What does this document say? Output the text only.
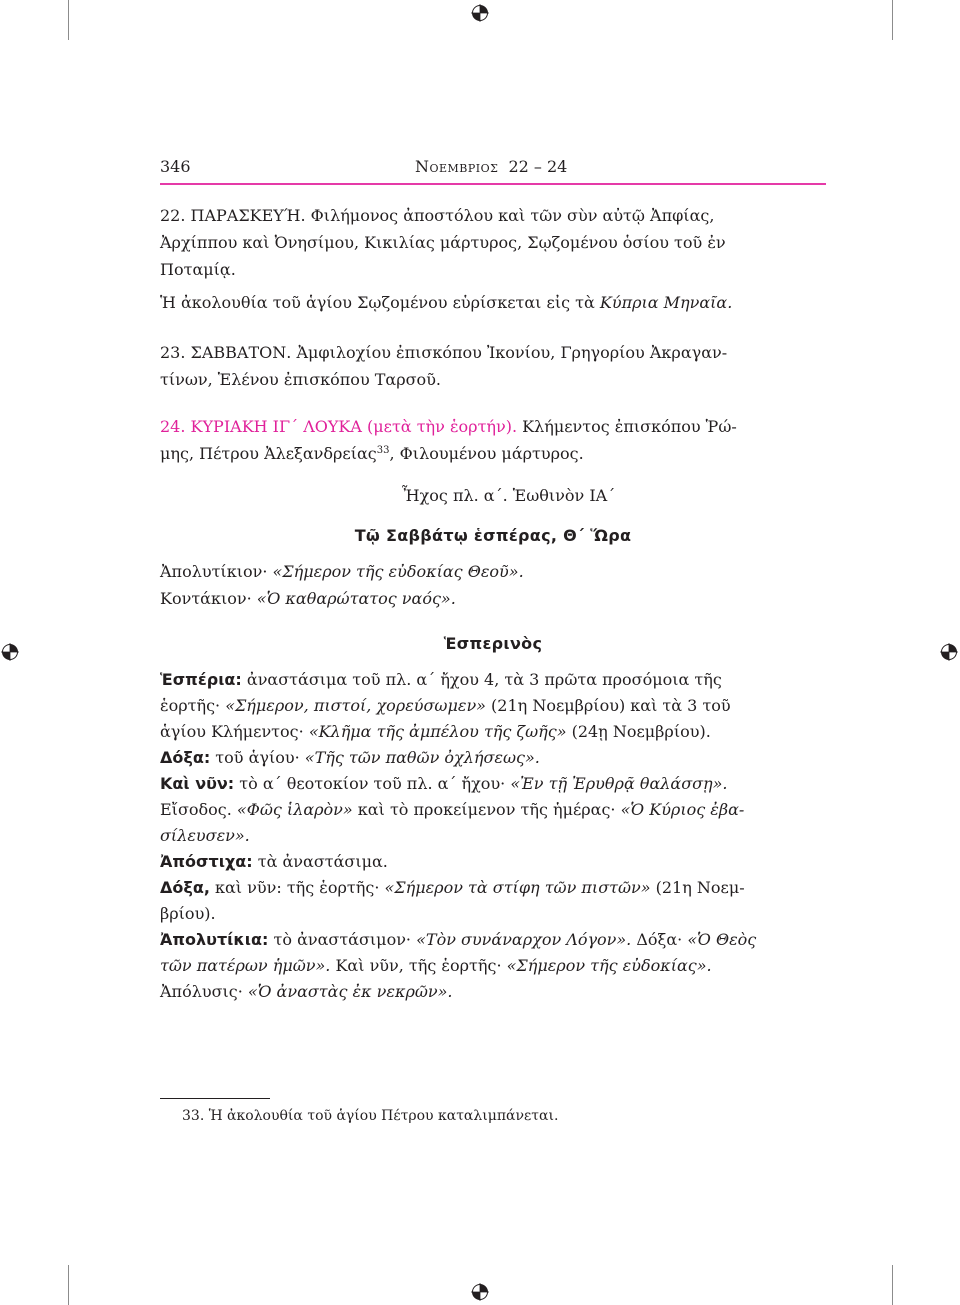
346	Νοεμβριος 22 – 24
22. ΠΑΡΑΣΚΕΥΉ. Φιλήμονος ἀποστόλου καὶ τῶν σὺν αὐτῷ Ἀπφίας,
Ἀρχίππου καὶ Ὀνησίμου, Κικιλίας μάρτυρος, Σῳζομένου ὁσίου τοῦ ἐν
Ποταμίᾳ.
Ἡ ἀκολουθία τοῦ ἁγίου Σῳζομένου εὑρίσκεται εἰς τὰ Κύπρια Μηναῖα.
23. ΣΑΒΒΑΤΟΝ. Ἀμφιλοχίου ἐπισκόπου Ἰκονίου, Γρηγορίου Ἀκραγαν-
τίνων, Ἑλένου ἐπισκόπου Ταρσοῦ.
24. ΚΥΡΙΑΚΗ ΙΓ΄ ΛΟΥΚΑ (μετὰ τὴν ἑορτήν). Κλήμεντος ἐπισκόπου Ῥώ-
μης, Πέτρου Ἀλεξανδρείας$^{33}$, Φιλουμένου μάρτυρος.
Ἦχος πλ. α΄. Ἑωθινὸν ΙΑ΄
Τῷ Σαββάτῳ ἑσπέρας, Θ΄ Ὥρα
Ἀπολυτίκιον· «Σήμερον τῆς εὐδοκίας Θεοῦ».
Κοντάκιον· «Ὁ καθαρώτατος ναός».
Ἑσπερινὸς
Ἑσπέρια: ἀναστάσιμα τοῦ πλ. α΄ ἤχου 4, τὰ 3 πρῶτα προσόμοια τῆς
ἑορτῆς· «Σήμερον, πιστοί, χορεύσωμεν» (21η Νοεμβρίου) καὶ τὰ 3 τοῦ
ἁγίου Κλήμεντος· «Κλῆμα τῆς ἀμπέλου τῆς ζωῆς» (24ῃ Νοεμβρίου).
Δόξα: τοῦ ἁγίου· «Τῆς τῶν παθῶν ὀχλήσεως».
Καὶ νῦν: τὸ α΄ θεοτοκίον τοῦ πλ. α΄ ἤχου· «Ἐν τῇ Ἐρυθρᾷ θαλάσσῃ».
Εἴσοδος. «Φῶς ἱλαρὸν» καὶ τὸ προκείμενον τῆς ἡμέρας· «Ὁ Κύριος ἐβα-
σίλευσεν».
Ἀπόστιχα: τὰ ἀναστάσιμα.
Δόξα, καὶ νῦν: τῆς ἑορτῆς· «Σήμερον τὰ στίφη τῶν πιστῶν» (21η Νοεμ-
βρίου).
Ἀπολυτίκια: τὸ ἀναστάσιμον· «Τὸν συνάναρχον Λόγον». Δόξα· «Ὁ Θεὸς
τῶν πατέρων ἡμῶν». Καὶ νῦν, τῆς ἑορτῆς· «Σήμερον τῆς εὐδοκίας».
Ἀπόλυσις· «Ὁ ἀναστὰς ἐκ νεκρῶν».
33. Ἡ ἀκολουθία τοῦ ἁγίου Πέτρου καταλιμπάνεται.
